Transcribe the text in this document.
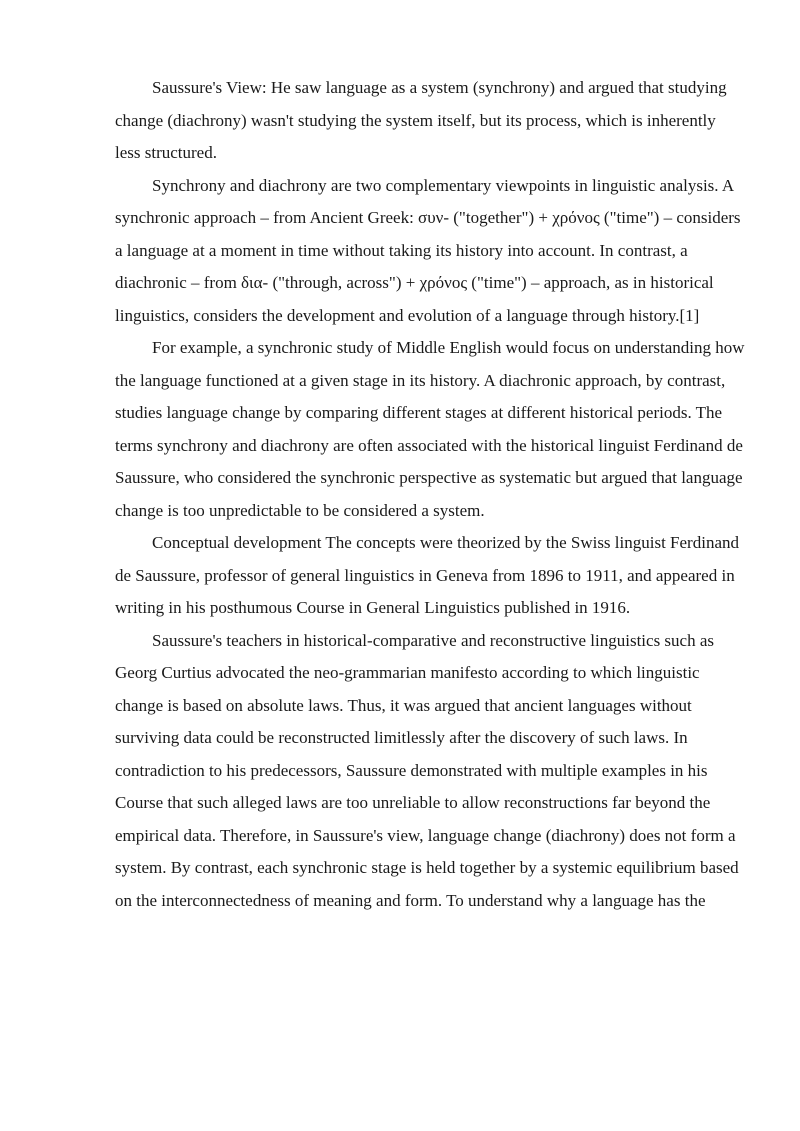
Saussure's View: He saw language as a system (synchrony) and argued that studying change (diachrony) wasn't studying the system itself, but its process, which is inherently less structured.

Synchrony and diachrony are two complementary viewpoints in linguistic analysis. A synchronic approach – from Ancient Greek: συν- ("together") + χρόνος ("time") – considers a language at a moment in time without taking its history into account. In contrast, a diachronic – from δια- ("through, across") + χρόνος ("time") – approach, as in historical linguistics, considers the development and evolution of a language through history.[1]

For example, a synchronic study of Middle English would focus on understanding how the language functioned at a given stage in its history. A diachronic approach, by contrast, studies language change by comparing different stages at different historical periods. The terms synchrony and diachrony are often associated with the historical linguist Ferdinand de Saussure, who considered the synchronic perspective as systematic but argued that language change is too unpredictable to be considered a system.

Conceptual development The concepts were theorized by the Swiss linguist Ferdinand de Saussure, professor of general linguistics in Geneva from 1896 to 1911, and appeared in writing in his posthumous Course in General Linguistics published in 1916.

Saussure's teachers in historical-comparative and reconstructive linguistics such as Georg Curtius advocated the neo-grammarian manifesto according to which linguistic change is based on absolute laws. Thus, it was argued that ancient languages without surviving data could be reconstructed limitlessly after the discovery of such laws. In contradiction to his predecessors, Saussure demonstrated with multiple examples in his Course that such alleged laws are too unreliable to allow reconstructions far beyond the empirical data. Therefore, in Saussure's view, language change (diachrony) does not form a system. By contrast, each synchronic stage is held together by a systemic equilibrium based on the interconnectedness of meaning and form. To understand why a language has the
